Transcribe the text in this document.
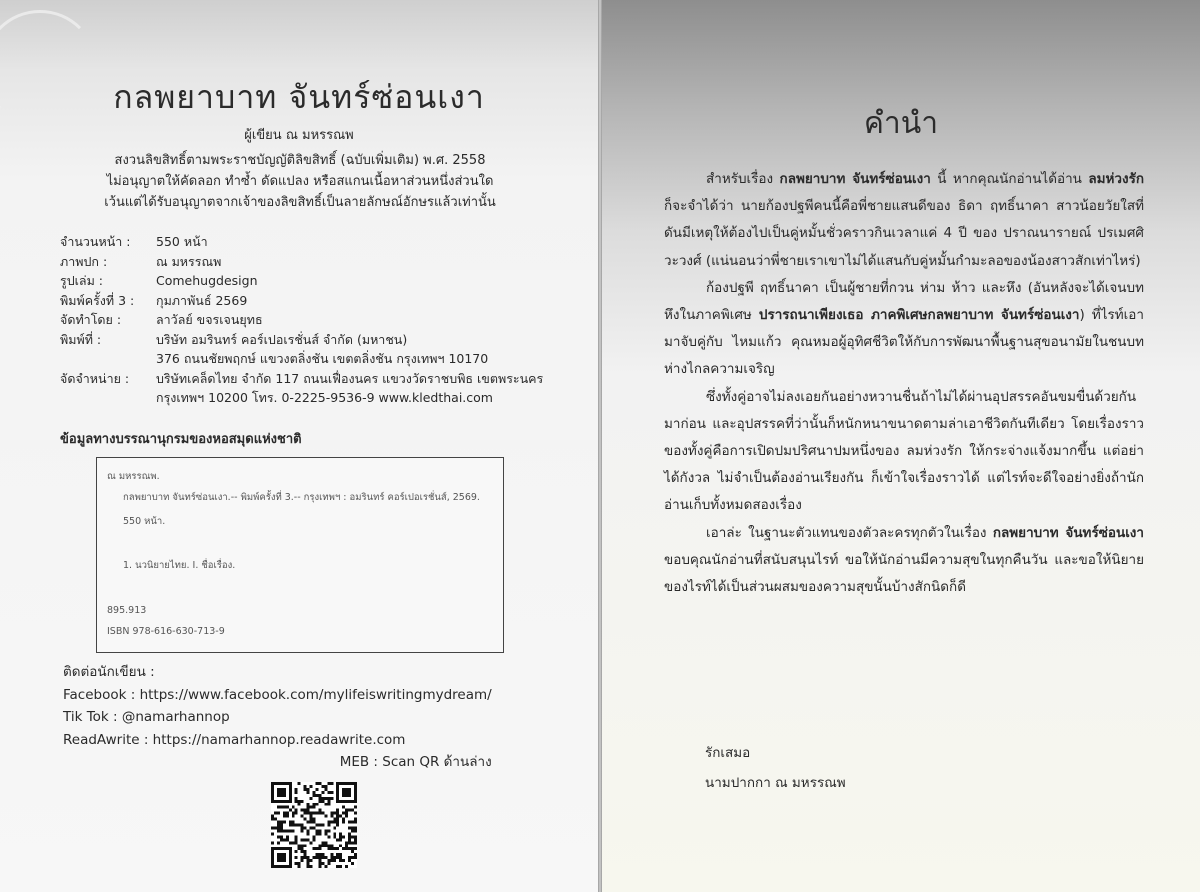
กลพยาบาท จันทร์ซ่อนเงา
ผู้เขียน ณ มหรรณพ
สงวนลิขสิทธิ์ตามพระราชบัญญัติลิขสิทธิ์ (ฉบับเพิ่มเติม) พ.ศ. 2558
ไม่อนุญาตให้คัดลอก ทำซ้ำ ดัดแปลง หรือสแกนเนื้อหาส่วนหนึ่งส่วนใด
เว้นแต่ได้รับอนุญาตจากเจ้าของลิขสิทธิ์เป็นลายลักษณ์อักษรแล้วเท่านั้น
จำนวนหน้า :	550 หน้า
ภาพปก :	ณ มหรรณพ
รูปเล่ม :	Comehugdesign
พิมพ์ครั้งที่ 3 :	กุมภาพันธ์ 2569
จัดทำโดย :	ลาวัลย์ ขจรเจนยุทธ
พิมพ์ที่ :	บริษัท อมรินทร์ คอร์เปอเรชั่นส์ จำกัด (มหาชน)
376 ถนนชัยพฤกษ์ แขวงตลิ่งชัน เขตตลิ่งชัน กรุงเทพฯ 10170
จัดจำหน่าย :	บริษัทเคล็ดไทย จำกัด 117 ถนนเฟื่องนคร แขวงวัดราชบพิธ เขตพระนคร
กรุงเทพฯ 10200 โทร. 0-2225-9536-9 www.kledthai.com
ข้อมูลทางบรรณานุกรมของหอสมุดแห่งชาติ
ณ มหรรณพ.
กลพยาบาท จันทร์ซ่อนเงา.-- พิมพ์ครั้งที่ 3.-- กรุงเทพฯ : อมรินทร์ คอร์เปอเรชั่นส์, 2569.
550 หน้า.
1. นวนิยายไทย. I. ชื่อเรื่อง.
895.913
ISBN 978-616-630-713-9
ติดต่อนักเขียน :
Facebook : https://www.facebook.com/mylifeiswritingmydream/
Tik Tok : @namarhannop
ReadAwrite : https://namarhannop.readawrite.com
MEB : Scan QR ด้านล่าง
คำนำ

สำหรับเรื่อง กลพยาบาท จันทร์ซ่อนเงา นี้ หากคุณนักอ่านได้อ่าน ลมห่วงรัก ก็จะจำได้ว่า นายก้องปฐพีคนนี้คือพี่ชายแสนดีของ ธิดา ฤทธิ์นาคา สาวน้อยวัยใสที่ดันมีเหตุให้ต้องไปเป็นคู่หมั้นชั่วคราวกินเวลาแค่ 4 ปี ของ ปราณนารายณ์ ปรเมศศิวะวงศ์ (แน่นอนว่าพี่ชายเราเขาไม่ได้แสนกับคู่หมั้นกำมะลอของน้องสาวสักเท่าไหร่)

ก้องปฐพี ฤทธิ์นาคา เป็นผู้ชายที่กวน ห่าม ห้าว และหึง (อันหลังจะได้เจนบทหึงในภาคพิเศษ ปรารถนาเพียงเธอ ภาคพิเศษกลพยาบาท จันทร์ซ่อนเงา) ที่ไรท์เอามาจับคู่กับ ไหมแก้ว คุณหมอผู้อุทิศชีวิตให้กับการพัฒนาพื้นฐานสุขอนามัยในชนบทห่างไกลความเจริญ

ซึ่งทั้งคู่อาจไม่ลงเอยกันอย่างหวานชื่นถ้าไม่ได้ผ่านอุปสรรคอันขมขื่นด้วยกันมาก่อน และอุปสรรคที่ว่านั้นก็หนักหนาขนาดตามล่าเอาชีวิตกันทีเดียว โดยเรื่องราวของทั้งคู่คือการเปิดปมปริศนาปมหนึ่งของ ลมห่วงรัก ให้กระจ่างแจ้งมากขึ้น แต่อย่าได้กังวล ไม่จำเป็นต้องอ่านเรียงกัน ก็เข้าใจเรื่องราวได้ แต่ไรท์จะดีใจอย่างยิ่งถ้านักอ่านเก็บทั้งหมดสองเรื่อง

เอาล่ะ ในฐานะตัวแทนของตัวละครทุกตัวในเรื่อง กลพยาบาท จันทร์ซ่อนเงา ขอบคุณนักอ่านที่สนับสนุนไรท์ ขอให้นักอ่านมีความสุขในทุกคืนวัน และขอให้นิยายของไรท์ได้เป็นส่วนผสมของความสุขนั้นบ้างสักนิดก็ดี

รักเสมอ
นามปากกา ณ มหรรณพ
